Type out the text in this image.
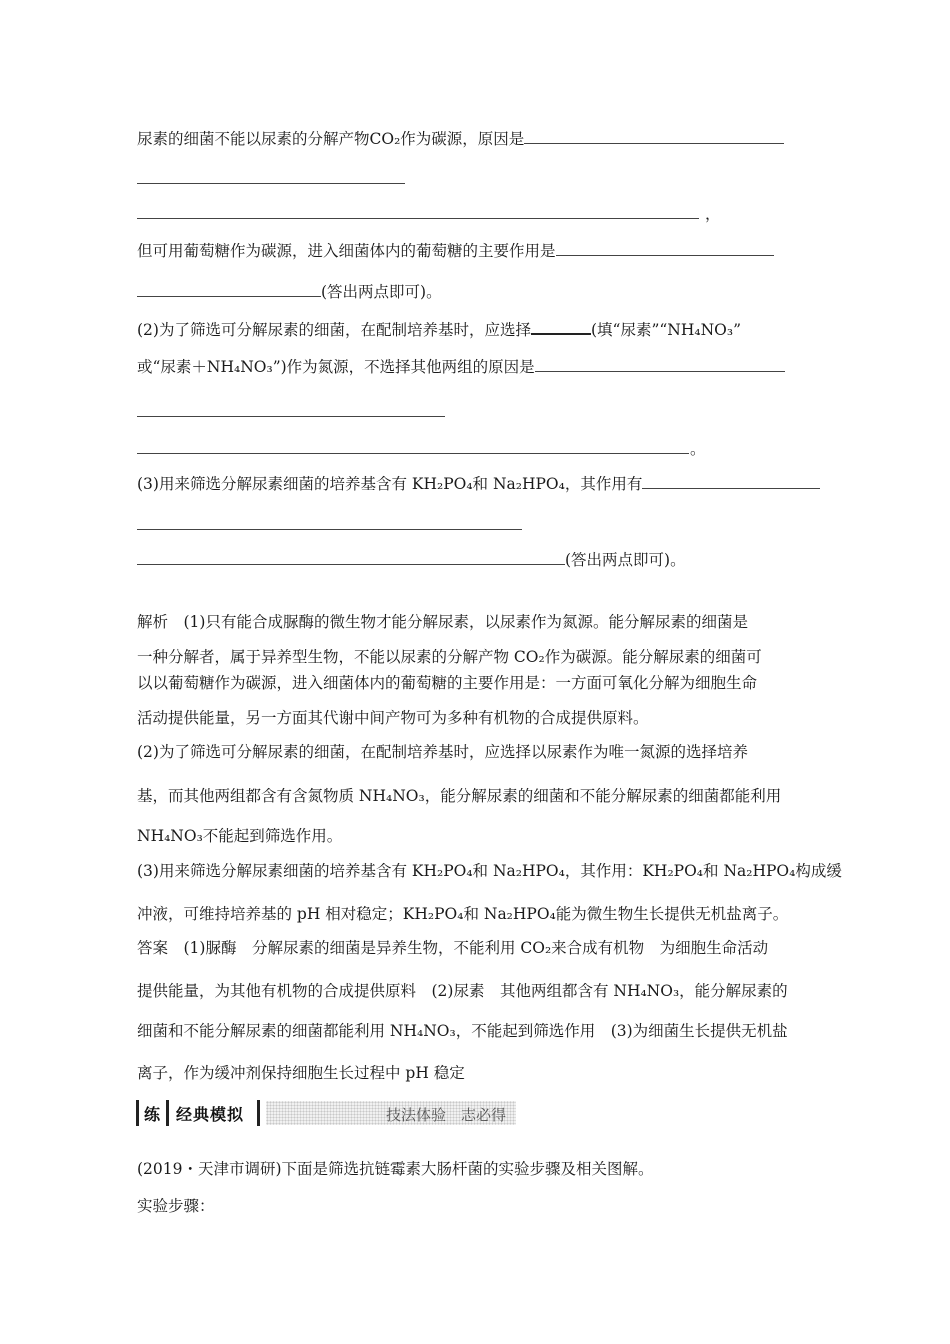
尿素的细菌不能以尿素的分解产物CO₂作为碳源，原因是
，
但可用葡萄糖作为碳源，进入细菌体内的葡萄糖的主要作用是
(答出两点即可)。
(2)为了筛选可分解尿素的细菌，在配制培养基时，应选择	(填“尿素”“NH₄NO₃”
或“尿素＋NH₄NO₃”)作为氮源，不选择其他两组的原因是
。
(3)用来筛选分解尿素细菌的培养基含有 KH₂PO₄和 Na₂HPO₄，其作用有
(答出两点即可)。
解析　(1)只有能合成脲酶的微生物才能分解尿素，以尿素作为氮源。能分解尿素的细菌是
一种分解者，属于异养型生物，不能以尿素的分解产物 CO₂作为碳源。能分解尿素的细菌可
以以葡萄糖作为碳源，进入细菌体内的葡萄糖的主要作用是：一方面可氧化分解为细胞生命
活动提供能量，另一方面其代谢中间产物可为多种有机物的合成提供原料。
(2)为了筛选可分解尿素的细菌，在配制培养基时，应选择以尿素作为唯一氮源的选择培养
基，而其他两组都含有含氮物质 NH₄NO₃，能分解尿素的细菌和不能分解尿素的细菌都能利用
NH₄NO₃不能起到筛选作用。
(3)用来筛选分解尿素细菌的培养基含有 KH₂PO₄和 Na₂HPO₄，其作用：KH₂PO₄和 Na₂HPO₄构成缓
冲液，可维持培养基的 pH 相对稳定；KH₂PO₄和 Na₂HPO₄能为微生物生长提供无机盐离子。
答案　(1)脲酶　分解尿素的细菌是异养生物，不能利用 CO₂来合成有机物　为细胞生命活动
提供能量，为其他有机物的合成提供原料　(2)尿素　其他两组都含有 NH₄NO₃，能分解尿素的
细菌和不能分解尿素的细菌都能利用 NH₄NO₃，不能起到筛选作用　(3)为细菌生长提供无机盐
离子，作为缓冲剂保持细胞生长过程中 pH 稳定
练 经典模拟	技法体验　志必得
(2019・天津市调研)下面是筛选抗链霉素大肠杆菌的实验步骤及相关图解。
实验步骤：
